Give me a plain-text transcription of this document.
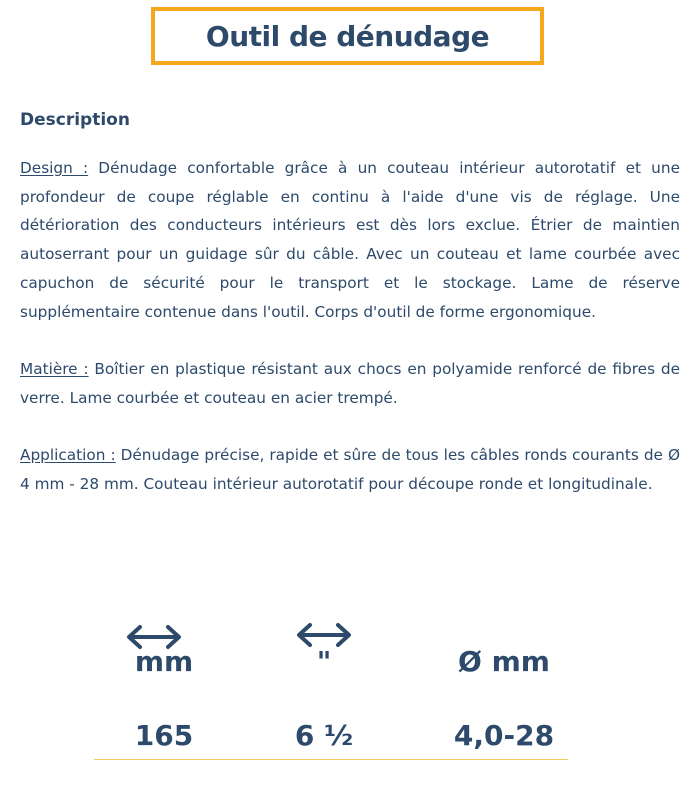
Outil de dénudage
Description

Design : Dénudage confortable grâce à un couteau intérieur autorotatif et une profondeur de coupe réglable en continu à l'aide d'une vis de réglage. Une détérioration des conducteurs intérieurs est dès lors exclue. Étrier de maintien autoserrant pour un guidage sûr du câble. Avec un couteau et lame courbée avec capuchon de sécurité pour le transport et le stockage. Lame de réserve supplémentaire contenue dans l'outil. Corps d'outil de forme ergonomique.

Matière : Boîtier en plastique résistant aux chocs en polyamide renforcé de fibres de verre. Lame courbée et couteau en acier trempé.

Application : Dénudage précise, rapide et sûre de tous les câbles ronds courants de Ø 4 mm - 28 mm. Couteau intérieur autorotatif pour découpe ronde et longitudinale.

mm
165
"
6 ½
Ø mm
4,0-28
